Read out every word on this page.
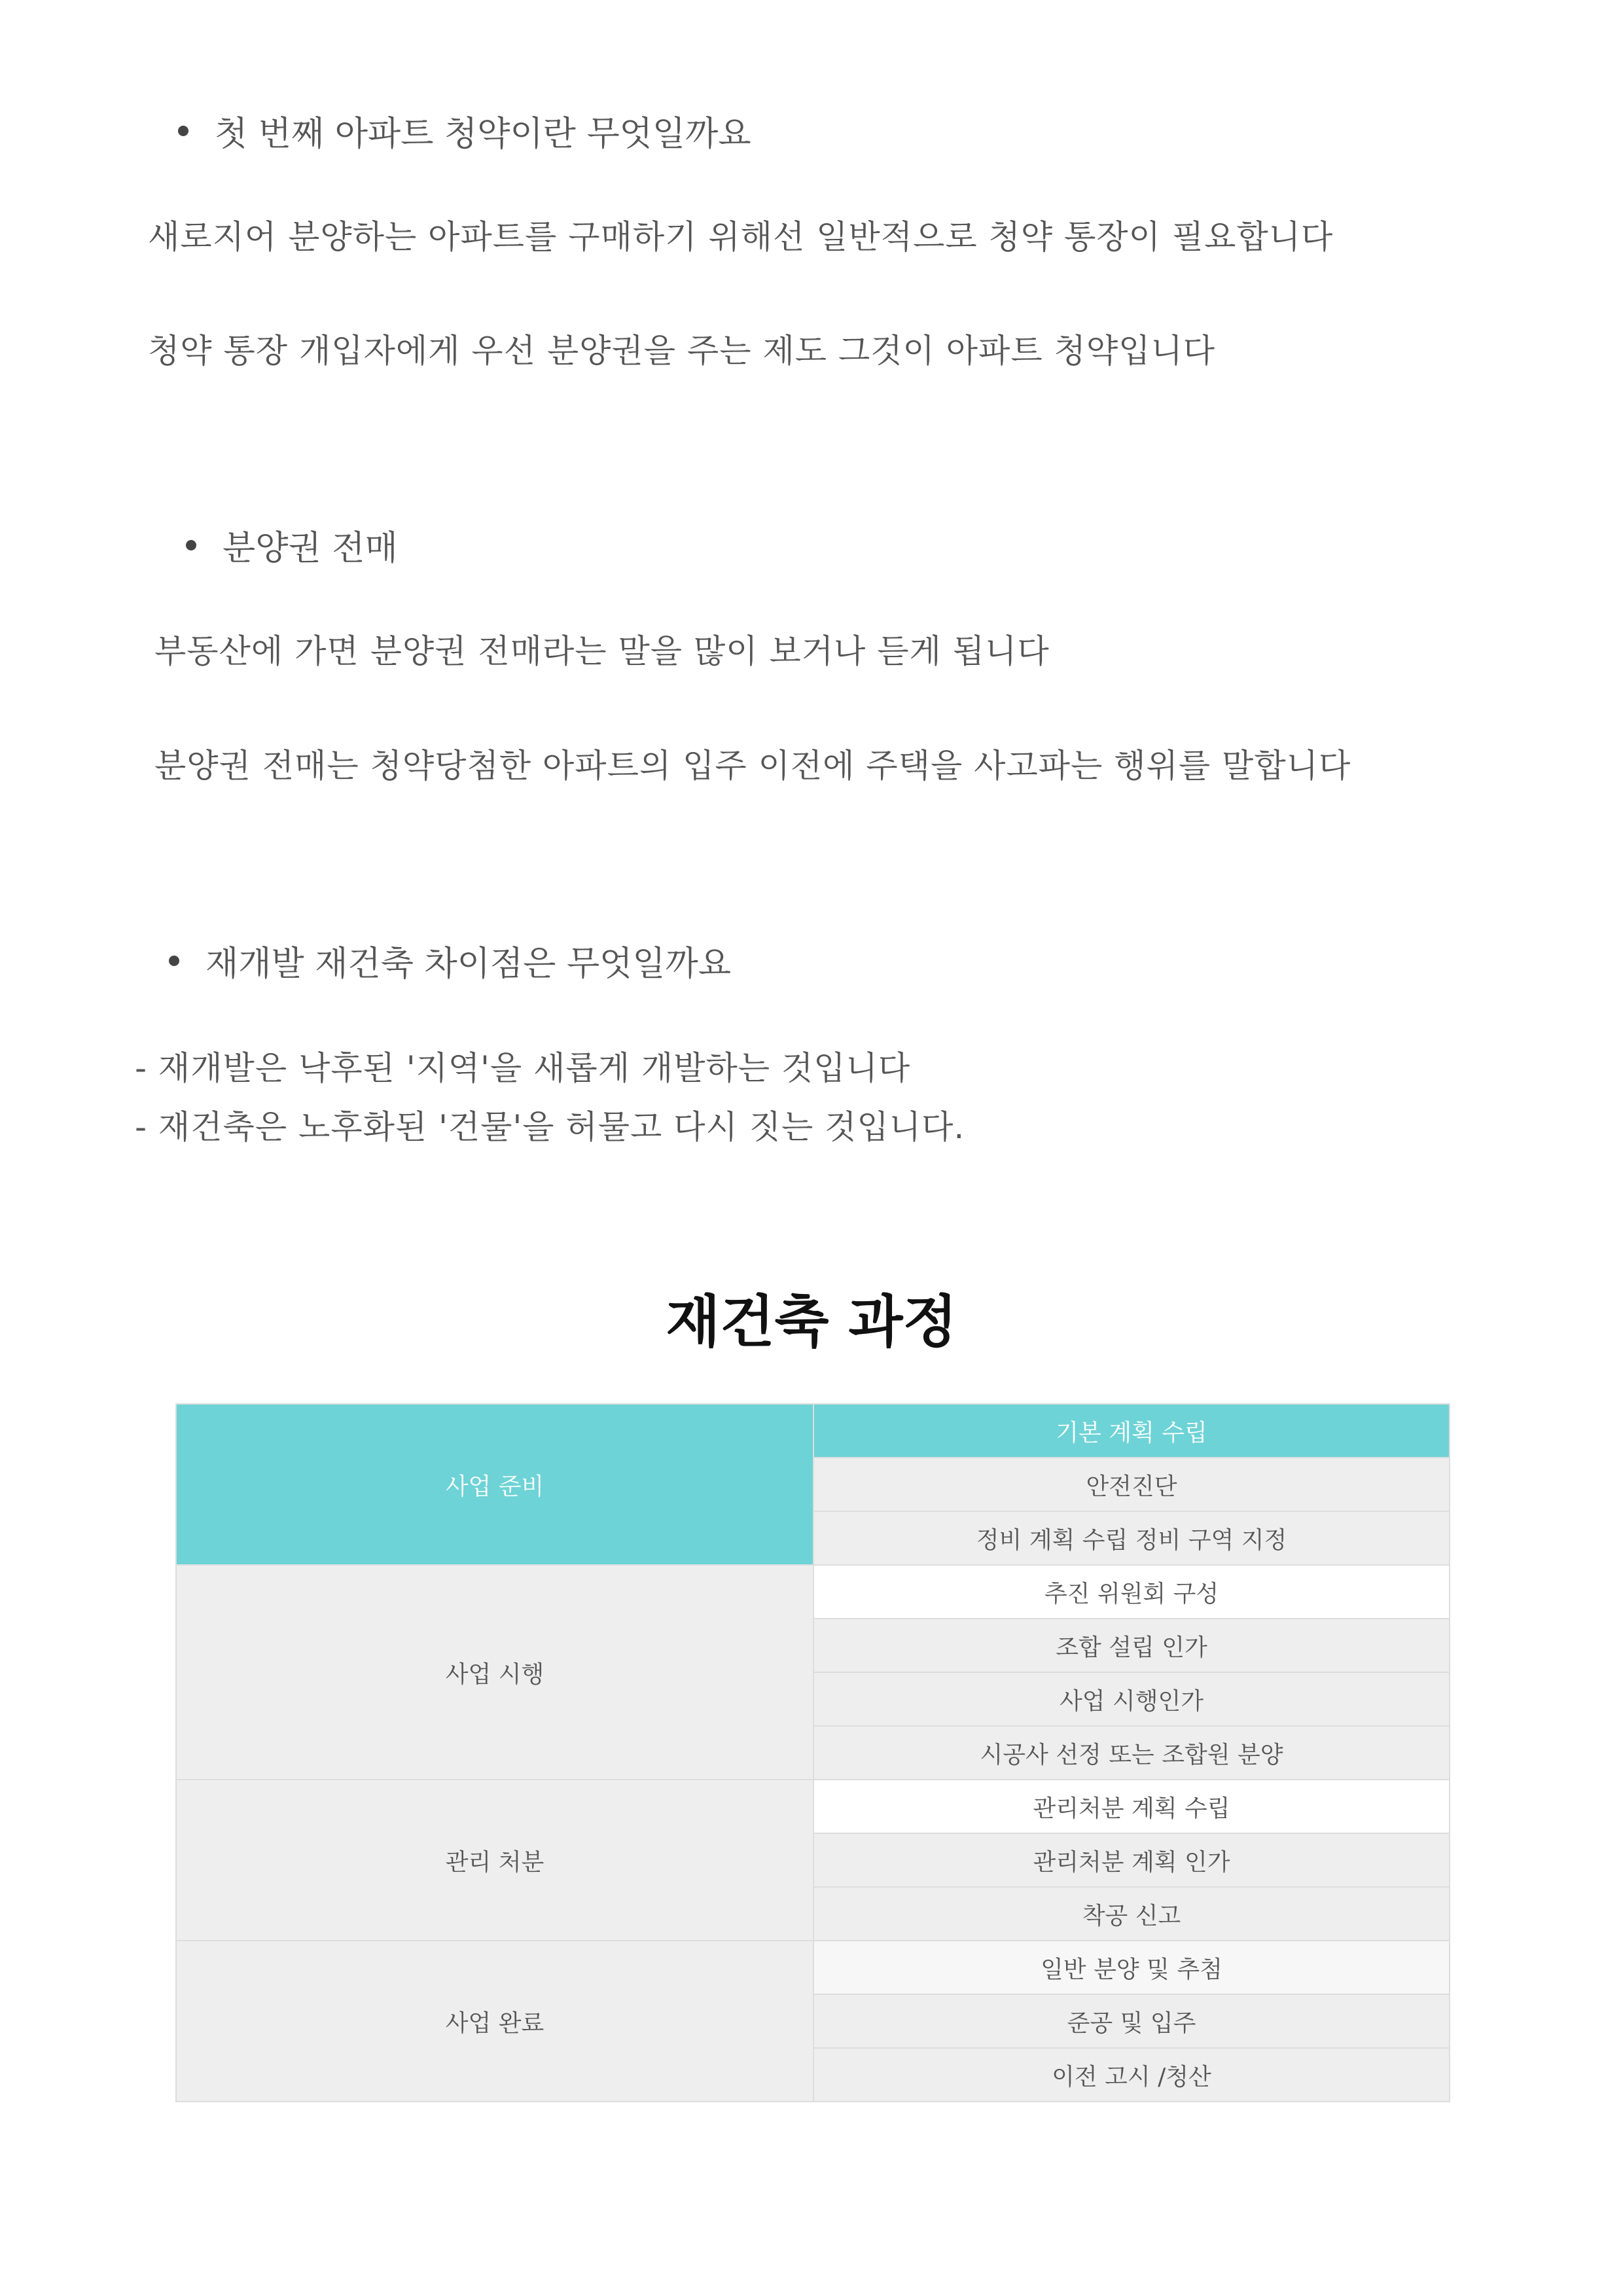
첫 번째 아파트 청약이란 무엇일까요
새로지어 분양하는 아파트를 구매하기 위해선 일반적으로 청약 통장이 필요합니다
청약 통장 개입자에게 우선 분양권을 주는 제도 그것이 아파트 청약입니다
분양권 전매
부동산에 가면 분양권 전매라는 말을 많이 보거나 듣게 됩니다
분양권 전매는 청약당첨한 아파트의 입주 이전에 주택을 사고파는 행위를 말합니다
재개발 재건축 차이점은 무엇일까요
- 재개발은 낙후된 '지역'을 새롭게 개발하는 것입니다
- 재건축은 노후화된 '건물'을 허물고 다시 짓는 것입니다.
재건축 과정
사업 준비	기본 계획 수립
	안전진단
	정비 계획 수립 정비 구역 지정
사업 시행	추진 위원회 구성
	조합 설립 인가
	사업 시행인가
	시공사 선정 또는 조합원 분양
관리 처분	관리처분 계획 수립
	관리처분 계획 인가
	착공 신고
사업 완료	일반 분양 및 추첨
	준공 및 입주
	이전 고시 /청산
